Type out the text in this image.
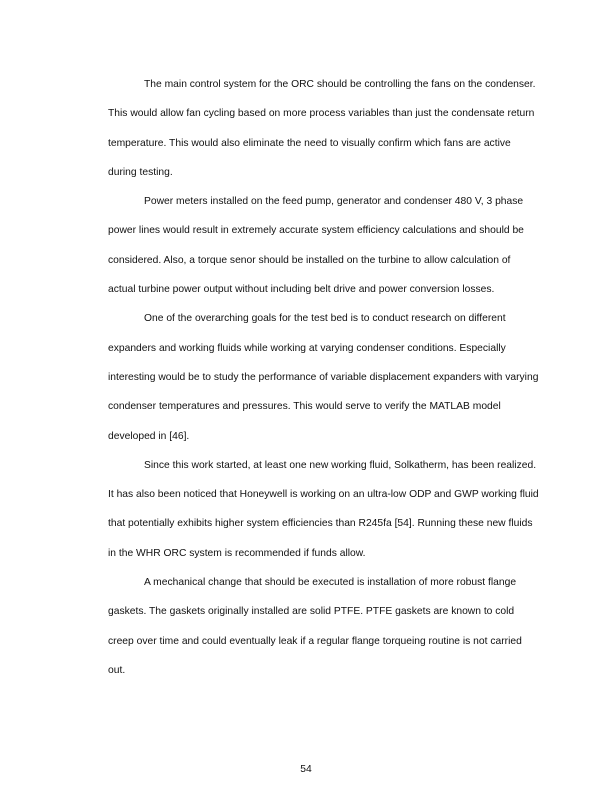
The main control system for the ORC should be controlling the fans on the condenser. This would allow fan cycling based on more process variables than just the condensate return temperature. This would also eliminate the need to visually confirm which fans are active during testing.

Power meters installed on the feed pump, generator and condenser 480 V, 3 phase power lines would result in extremely accurate system efficiency calculations and should be considered. Also, a torque senor should be installed on the turbine to allow calculation of actual turbine power output without including belt drive and power conversion losses.

One of the overarching goals for the test bed is to conduct research on different expanders and working fluids while working at varying condenser conditions. Especially interesting would be to study the performance of variable displacement expanders with varying condenser temperatures and pressures. This would serve to verify the MATLAB model developed in [46].

Since this work started, at least one new working fluid, Solkatherm, has been realized. It has also been noticed that Honeywell is working on an ultra-low ODP and GWP working fluid that potentially exhibits higher system efficiencies than R245fa [54]. Running these new fluids in the WHR ORC system is recommended if funds allow.

A mechanical change that should be executed is installation of more robust flange gaskets. The gaskets originally installed are solid PTFE. PTFE gaskets are known to cold creep over time and could eventually leak if a regular flange torqueing routine is not carried out.

54
